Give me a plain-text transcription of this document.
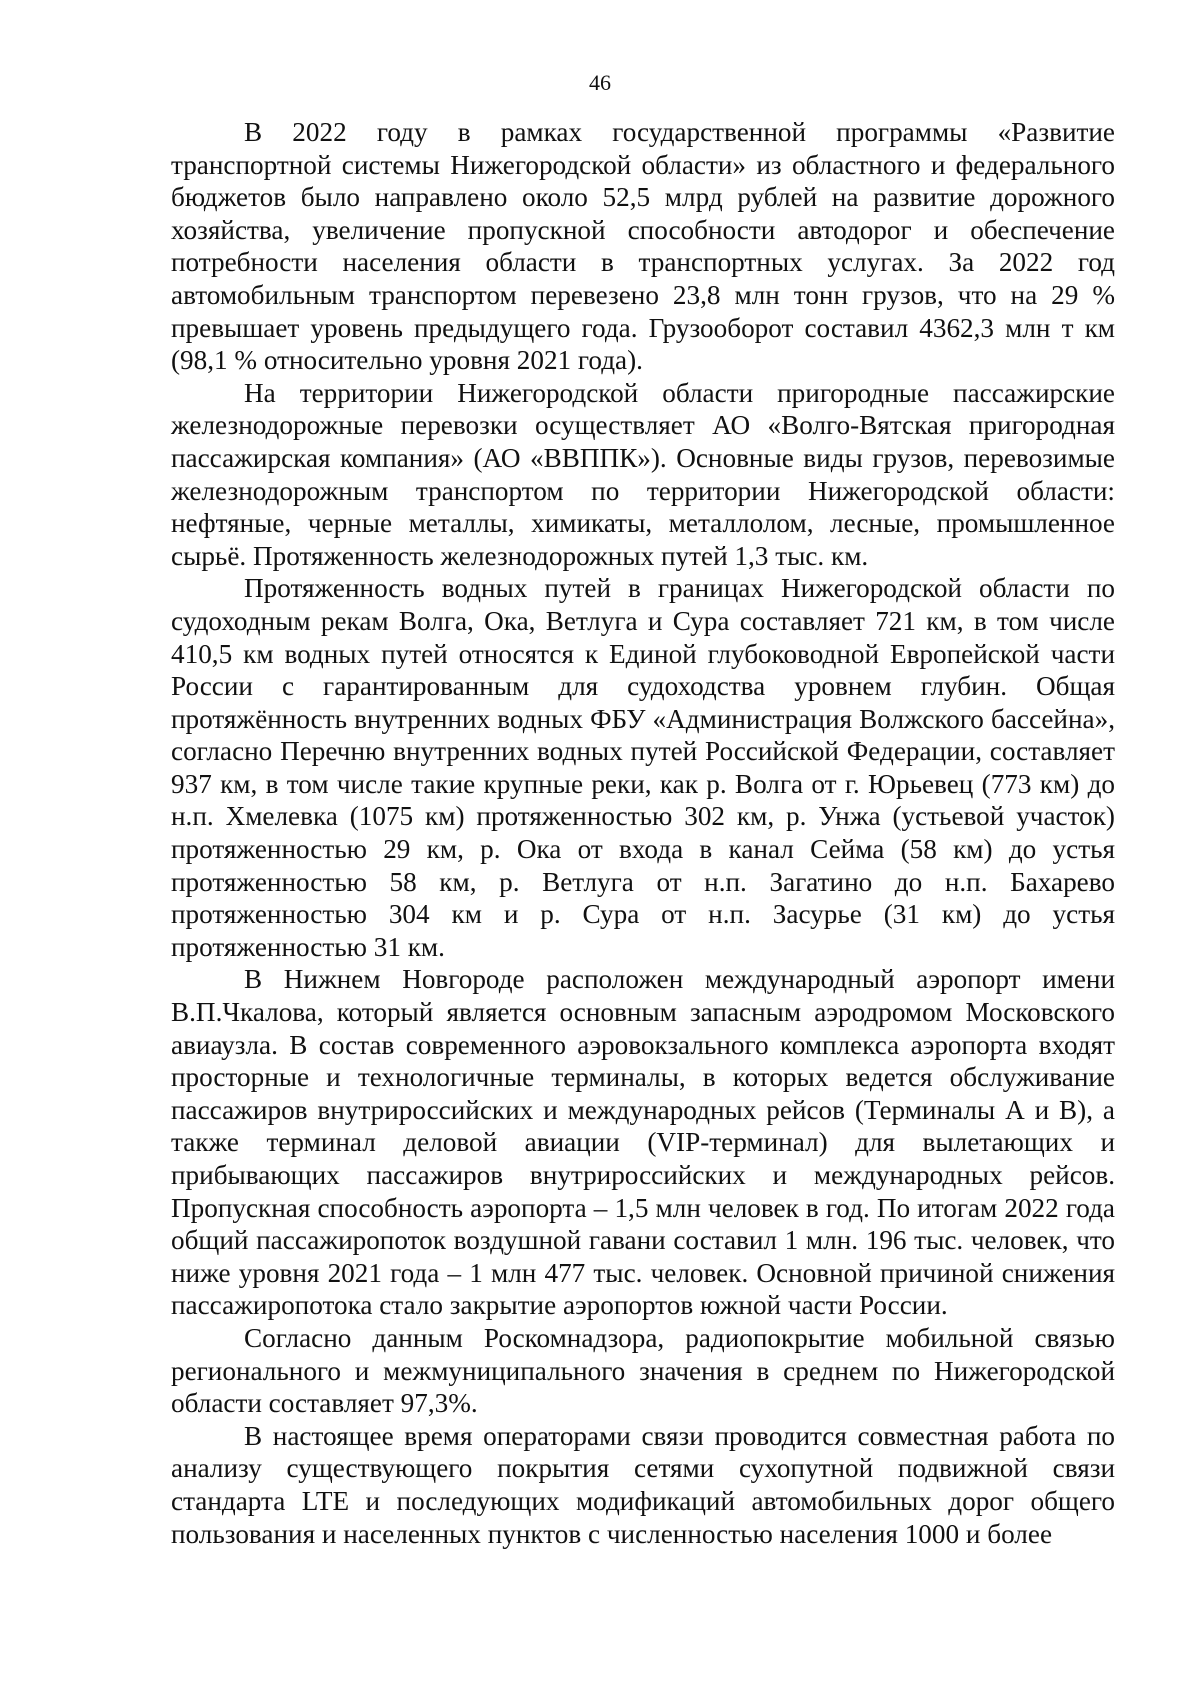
46

В 2022 году в рамках государственной программы «Развитие транспортной системы Нижегородской области» из областного и федерального бюджетов было направлено около 52,5 млрд рублей на развитие дорожного хозяйства, увеличение пропускной способности автодорог и обеспечение потребности населения области в транспортных услугах. За 2022 год автомобильным транспортом перевезено 23,8 млн тонн грузов, что на 29 % превышает уровень предыдущего года. Грузооборот составил 4362,3 млн т км (98,1 % относительно уровня 2021 года).

На территории Нижегородской области пригородные пассажирские железнодорожные перевозки осуществляет АО «Волго-Вятская пригородная пассажирская компания» (АО «ВВППК»). Основные виды грузов, перевозимые железнодорожным транспортом по территории Нижегородской области: нефтяные, черные металлы, химикаты, металлолом, лесные, промышленное сырьё. Протяженность железнодорожных путей 1,3 тыс. км.

Протяженность водных путей в границах Нижегородской области по судоходным рекам Волга, Ока, Ветлуга и Сура составляет 721 км, в том числе 410,5 км водных путей относятся к Единой глубоководной Европейской части России с гарантированным для судоходства уровнем глубин. Общая протяжённость внутренних водных ФБУ «Администрация Волжского бассейна», согласно Перечню внутренних водных путей Российской Федерации, составляет 937 км, в том числе такие крупные реки, как р. Волга от г. Юрьевец (773 км) до н.п. Хмелевка (1075 км) протяженностью 302 км, р. Унжа (устьевой участок) протяженностью 29 км, р. Ока от входа в канал Сейма (58 км) до устья протяженностью 58 км, р. Ветлуга от н.п. Загатино до н.п. Бахарево протяженностью 304 км и р. Сура от н.п. Засурье (31 км) до устья протяженностью 31 км.

В Нижнем Новгороде расположен международный аэропорт имени В.П.Чкалова, который является основным запасным аэродромом Московского авиаузла. В состав современного аэровокзального комплекса аэропорта входят просторные и технологичные терминалы, в которых ведется обслуживание пассажиров внутрироссийских и международных рейсов (Терминалы А и В), а также терминал деловой авиации (VIP-терминал) для вылетающих и прибывающих пассажиров внутрироссийских и международных рейсов. Пропускная способность аэропорта – 1,5 млн человек в год. По итогам 2022 года общий пассажиропоток воздушной гавани составил 1 млн. 196 тыс. человек, что ниже уровня 2021 года – 1 млн 477 тыс. человек. Основной причиной снижения пассажиропотока стало закрытие аэропортов южной части России.

Согласно данным Роскомнадзора, радиопокрытие мобильной связью регионального и межмуниципального значения в среднем по Нижегородской области составляет 97,3%.

В настоящее время операторами связи проводится совместная работа по анализу существующего покрытия сетями сухопутной подвижной связи стандарта LTE и последующих модификаций автомобильных дорог общего пользования и населенных пунктов с численностью населения 1000 и более
